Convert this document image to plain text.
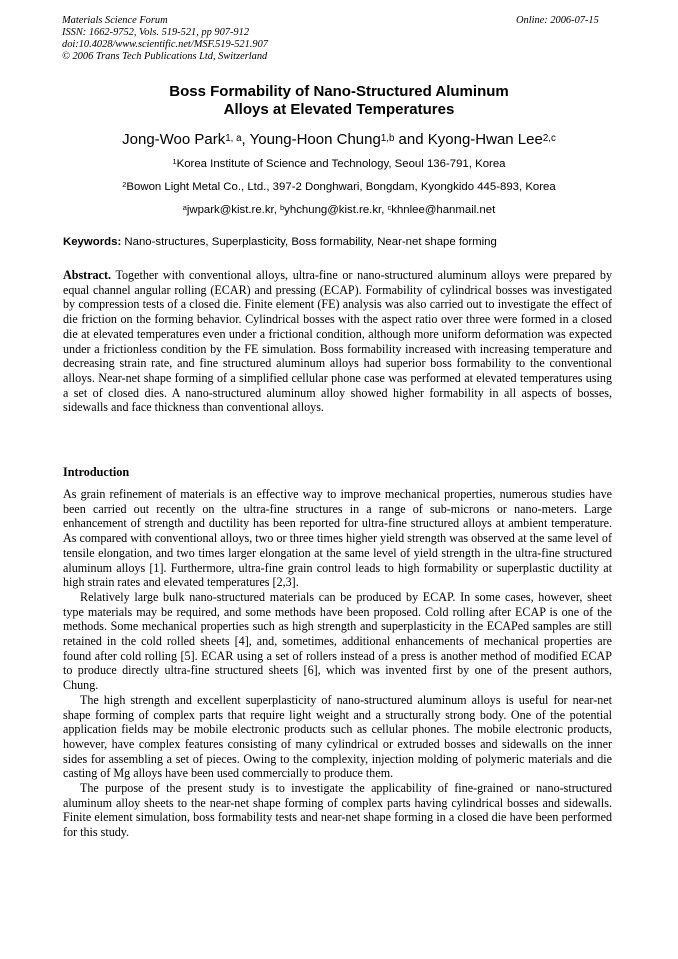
Materials Science Forum
ISSN: 1662-9752, Vols. 519-521, pp 907-912
doi:10.4028/www.scientific.net/MSF.519-521.907
© 2006 Trans Tech Publications Ltd, Switzerland
Online: 2006-07-15
Boss Formability of Nano-Structured Aluminum
Alloys at Elevated Temperatures
Jong-Woo Park$^{1, a}$, Young-Hoon Chung$^{1,b}$ and Kyong-Hwan Lee$^{2,c}$
$^1$Korea Institute of Science and Technology, Seoul 136-791, Korea
$^2$Bowon Light Metal Co., Ltd., 397-2 Donghwari, Bongdam, Kyongkido 445-893, Korea
$^a$jwpark@kist.re.kr, $^b$yhchung@kist.re.kr, $^c$khnlee@hanmail.net
Keywords: Nano-structures, Superplasticity, Boss formability, Near-net shape forming
Abstract. Together with conventional alloys, ultra-fine or nano-structured aluminum alloys were prepared by equal channel angular rolling (ECAR) and pressing (ECAP). Formability of cylindrical bosses was investigated by compression tests of a closed die. Finite element (FE) analysis was also carried out to investigate the effect of die friction on the forming behavior. Cylindrical bosses with the aspect ratio over three were formed in a closed die at elevated temperatures even under a frictional condition, although more uniform deformation was expected under a frictionless condition by the FE simulation. Boss formability increased with increasing temperature and decreasing strain rate, and fine structured aluminum alloys had superior boss formability to the conventional alloys. Near-net shape forming of a simplified cellular phone case was performed at elevated temperatures using a set of closed dies. A nano-structured aluminum alloy showed higher formability in all aspects of bosses, sidewalls and face thickness than conventional alloys.
Introduction

As grain refinement of materials is an effective way to improve mechanical properties, numerous studies have been carried out recently on the ultra-fine structures in a range of sub-microns or nano-meters. Large enhancement of strength and ductility has been reported for ultra-fine structured alloys at ambient temperature. As compared with conventional alloys, two or three times higher yield strength was observed at the same level of tensile elongation, and two times larger elongation at the same level of yield strength in the ultra-fine structured aluminum alloys [1]. Furthermore, ultra-fine grain control leads to high formability or superplastic ductility at high strain rates and elevated temperatures [2,3].

Relatively large bulk nano-structured materials can be produced by ECAP. In some cases, however, sheet type materials may be required, and some methods have been proposed. Cold rolling after ECAP is one of the methods. Some mechanical properties such as high strength and superplasticity in the ECAPed samples are still retained in the cold rolled sheets [4], and, sometimes, additional enhancements of mechanical properties are found after cold rolling [5]. ECAR using a set of rollers instead of a press is another method of modified ECAP to produce directly ultra-fine structured sheets [6], which was invented first by one of the present authors, Chung.

The high strength and excellent superplasticity of nano-structured aluminum alloys is useful for near-net shape forming of complex parts that require light weight and a structurally strong body. One of the potential application fields may be mobile electronic products such as cellular phones. The mobile electronic products, however, have complex features consisting of many cylindrical or extruded bosses and sidewalls on the inner sides for assembling a set of pieces. Owing to the complexity, injection molding of polymeric materials and die casting of Mg alloys have been used commercially to produce them.

The purpose of the present study is to investigate the applicability of fine-grained or nano-structured aluminum alloy sheets to the near-net shape forming of complex parts having cylindrical bosses and sidewalls. Finite element simulation, boss formability tests and near-net shape forming in a closed die have been performed for this study.
